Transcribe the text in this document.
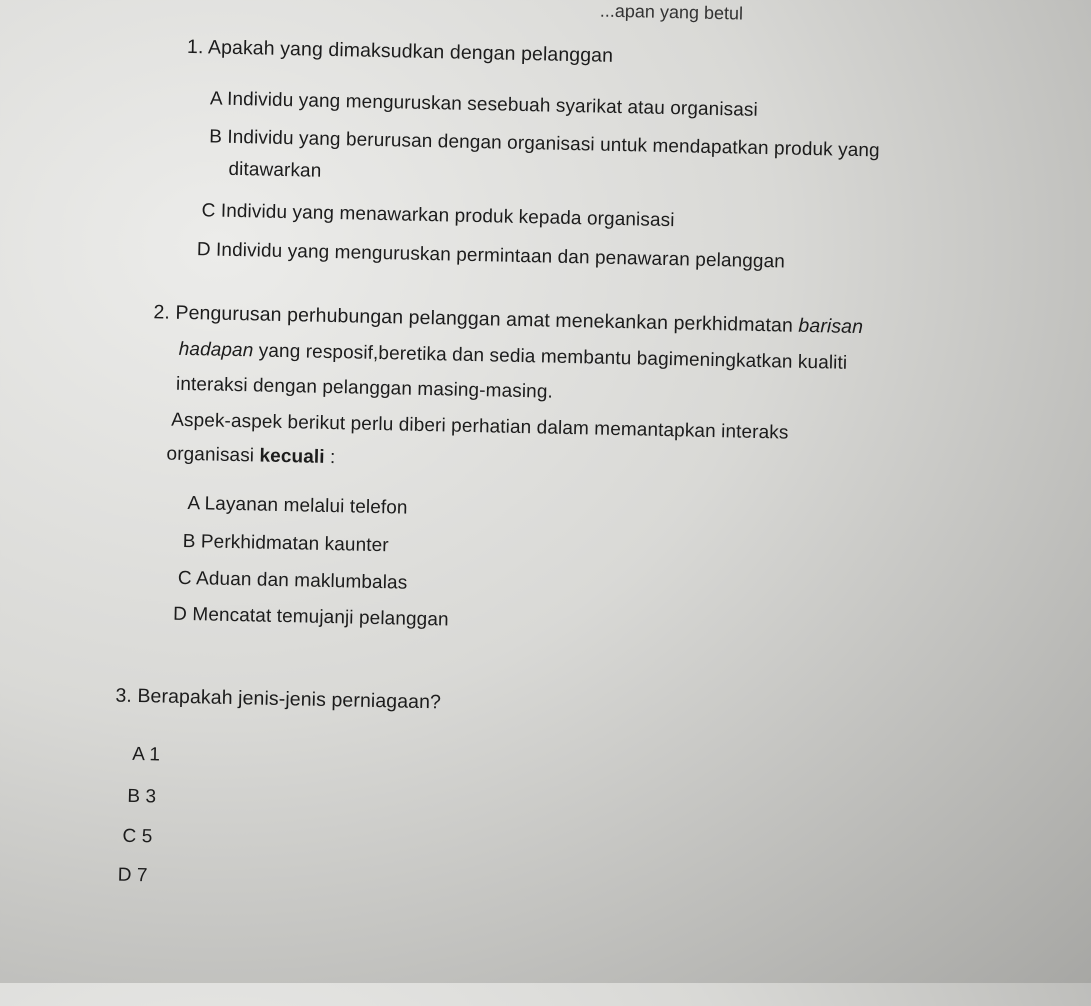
...apan yang betul
1. Apakah yang dimaksudkan dengan pelanggan
A Individu yang menguruskan sesebuah syarikat atau organisasi
B Individu yang berurusan dengan organisasi untuk mendapatkan produk yang
ditawarkan
C Individu yang menawarkan produk kepada organisasi
D Individu yang menguruskan permintaan dan penawaran pelanggan
2. Pengurusan perhubungan pelanggan amat menekankan perkhidmatan barisan
hadapan yang resposif,beretika dan sedia membantu bagimeningkatkan kualiti
interaksi dengan pelanggan masing-masing.
Aspek-aspek berikut perlu diberi perhatian dalam memantapkan interaks
organisasi kecuali :
A Layanan melalui telefon
B Perkhidmatan kaunter
C Aduan dan maklumbalas
D Mencatat temujanji pelanggan
3. Berapakah jenis-jenis perniagaan?
A 1
B 3
C 5
D 7
